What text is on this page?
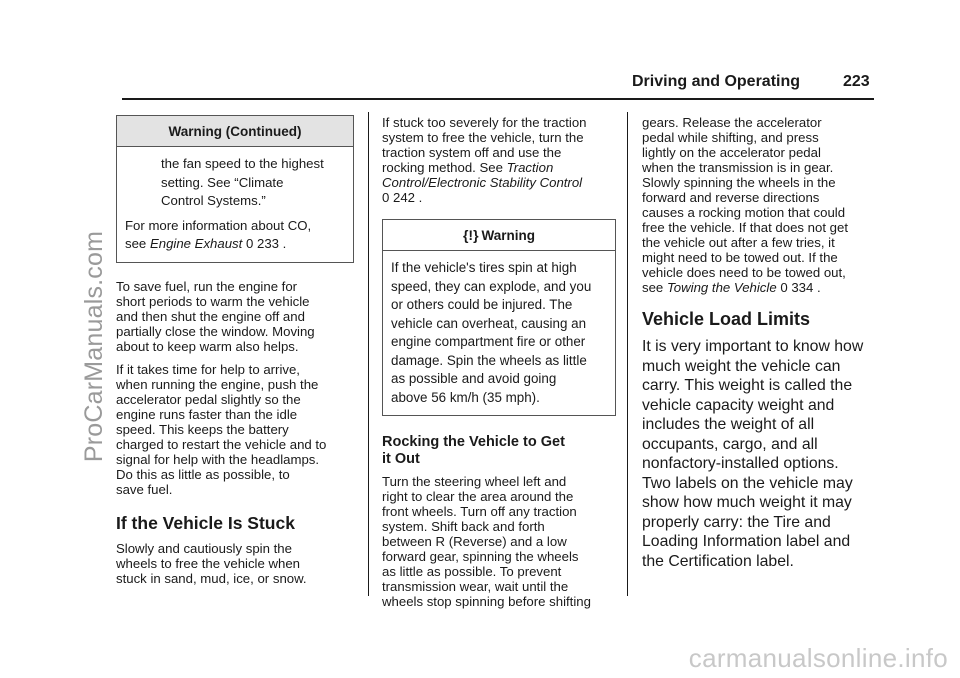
ProCarManuals.com
carmanualsonline.info
Driving and Operating	223
Warning (Continued)
the fan speed to the highest
setting. See “Climate
Control Systems.”
For more information about CO,
see Engine Exhaust 0 233 .

To save fuel, run the engine for
short periods to warm the vehicle
and then shut the engine off and
partially close the window. Moving
about to keep warm also helps.

If it takes time for help to arrive,
when running the engine, push the
accelerator pedal slightly so the
engine runs faster than the idle
speed. This keeps the battery
charged to restart the vehicle and to
signal for help with the headlamps.
Do this as little as possible, to
save fuel.

If the Vehicle Is Stuck

Slowly and cautiously spin the
wheels to free the vehicle when
stuck in sand, mud, ice, or snow.

If stuck too severely for the traction
system to free the vehicle, turn the
traction system off and use the
rocking method. See Traction
Control/Electronic Stability Control
0 242 .

{!} Warning
If the vehicle's tires spin at high
speed, they can explode, and you
or others could be injured. The
vehicle can overheat, causing an
engine compartment fire or other
damage. Spin the wheels as little
as possible and avoid going
above 56 km/h (35 mph).
Rocking the Vehicle to Get
it Out

Turn the steering wheel left and
right to clear the area around the
front wheels. Turn off any traction
system. Shift back and forth
between R (Reverse) and a low
forward gear, spinning the wheels
as little as possible. To prevent
transmission wear, wait until the
wheels stop spinning before shifting

gears. Release the accelerator
pedal while shifting, and press
lightly on the accelerator pedal
when the transmission is in gear.
Slowly spinning the wheels in the
forward and reverse directions
causes a rocking motion that could
free the vehicle. If that does not get
the vehicle out after a few tries, it
might need to be towed out. If the
vehicle does need to be towed out,
see Towing the Vehicle 0 334 .

Vehicle Load Limits

It is very important to know how
much weight the vehicle can
carry. This weight is called the
vehicle capacity weight and
includes the weight of all
occupants, cargo, and all
nonfactory-installed options.
Two labels on the vehicle may
show how much weight it may
properly carry: the Tire and
Loading Information label and
the Certification label.
